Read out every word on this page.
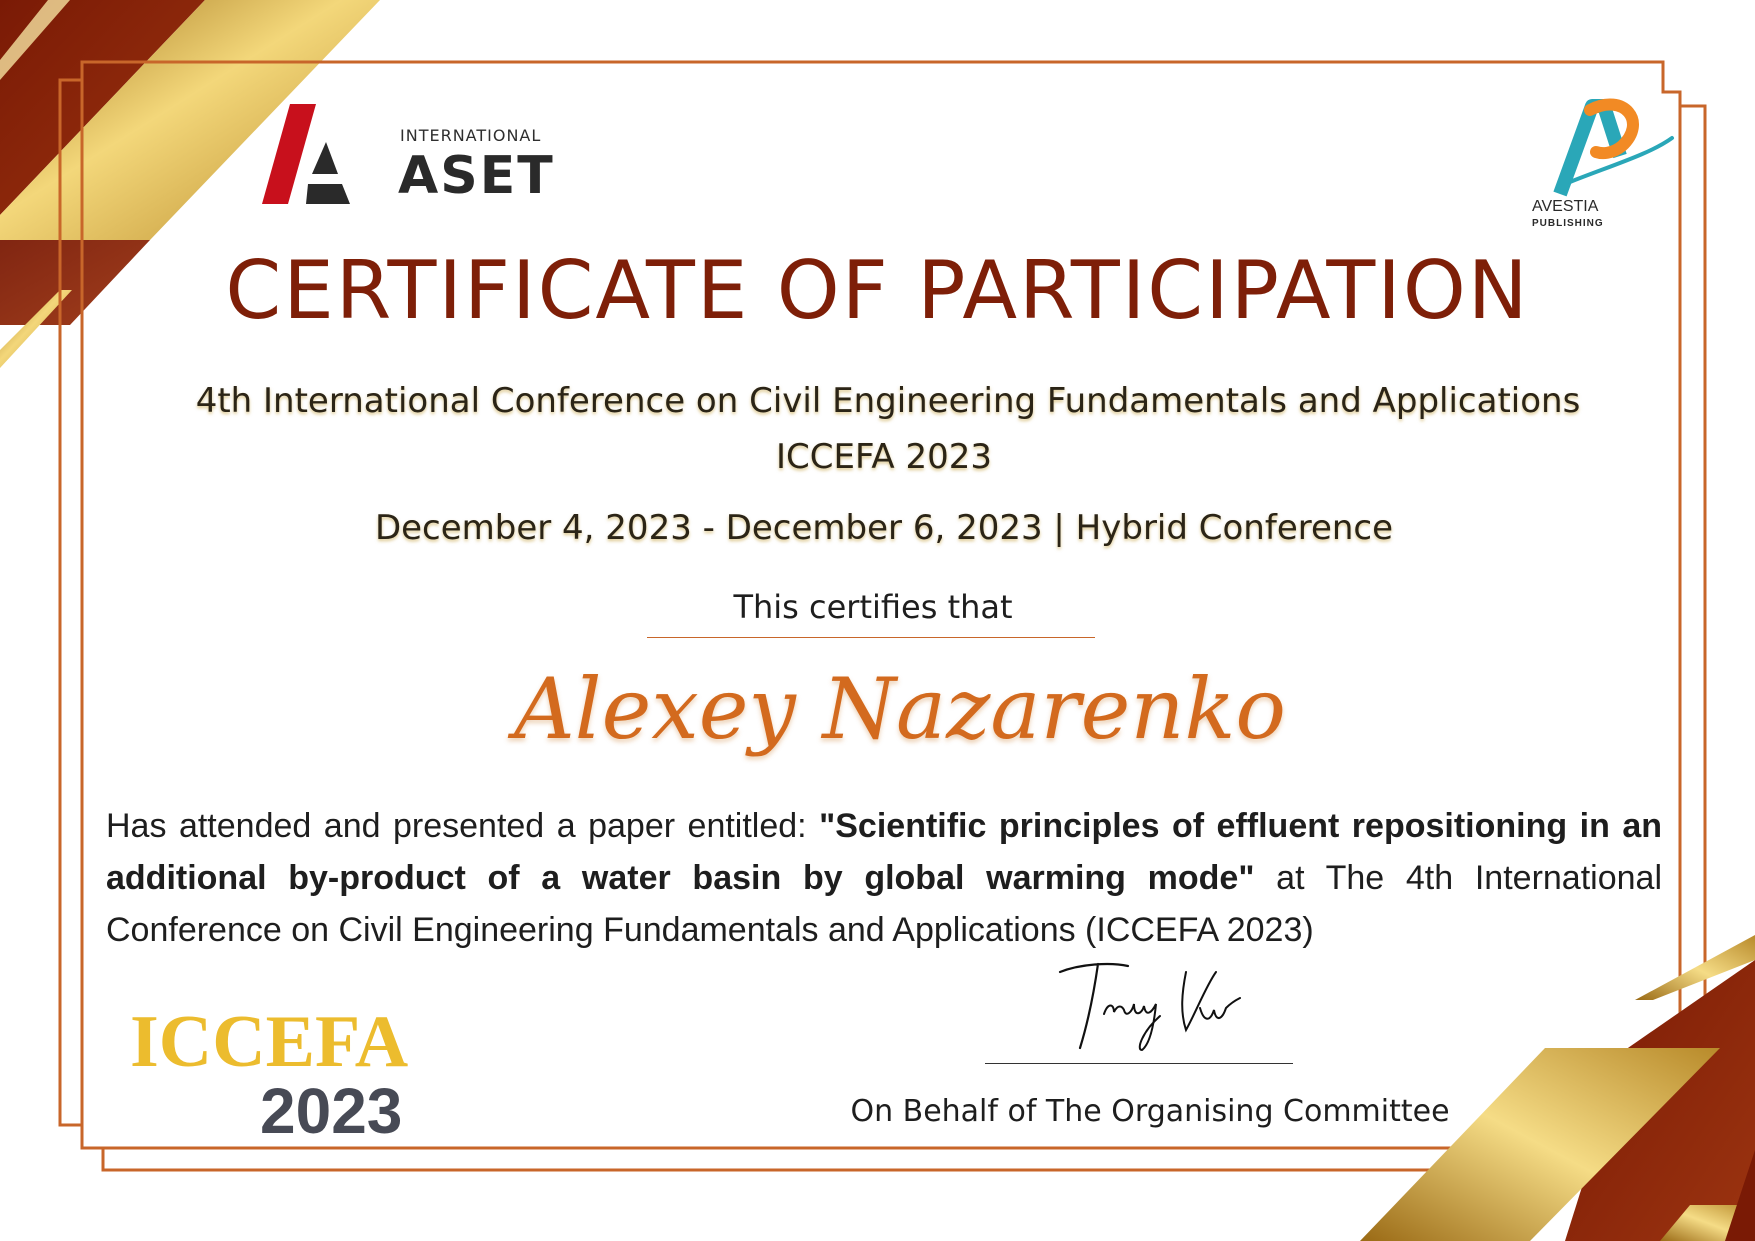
INTERNATIONAL
ASET
AVESTIA
PUBLISHING
CERTIFICATE OF PARTICIPATION
4th International Conference on Civil Engineering Fundamentals and Applications
ICCEFA 2023
December 4, 2023 - December 6, 2023 | Hybrid Conference
This certifies that
Alexey Nazarenko
Has attended and presented a paper entitled: "Scientific principles of effluent repositioning in an additional by-product of a water basin by global warming mode" at The 4th International Conference on Civil Engineering Fundamentals and Applications (ICCEFA 2023)
ICCEFA
2023	On Behalf of The Organising Committee
